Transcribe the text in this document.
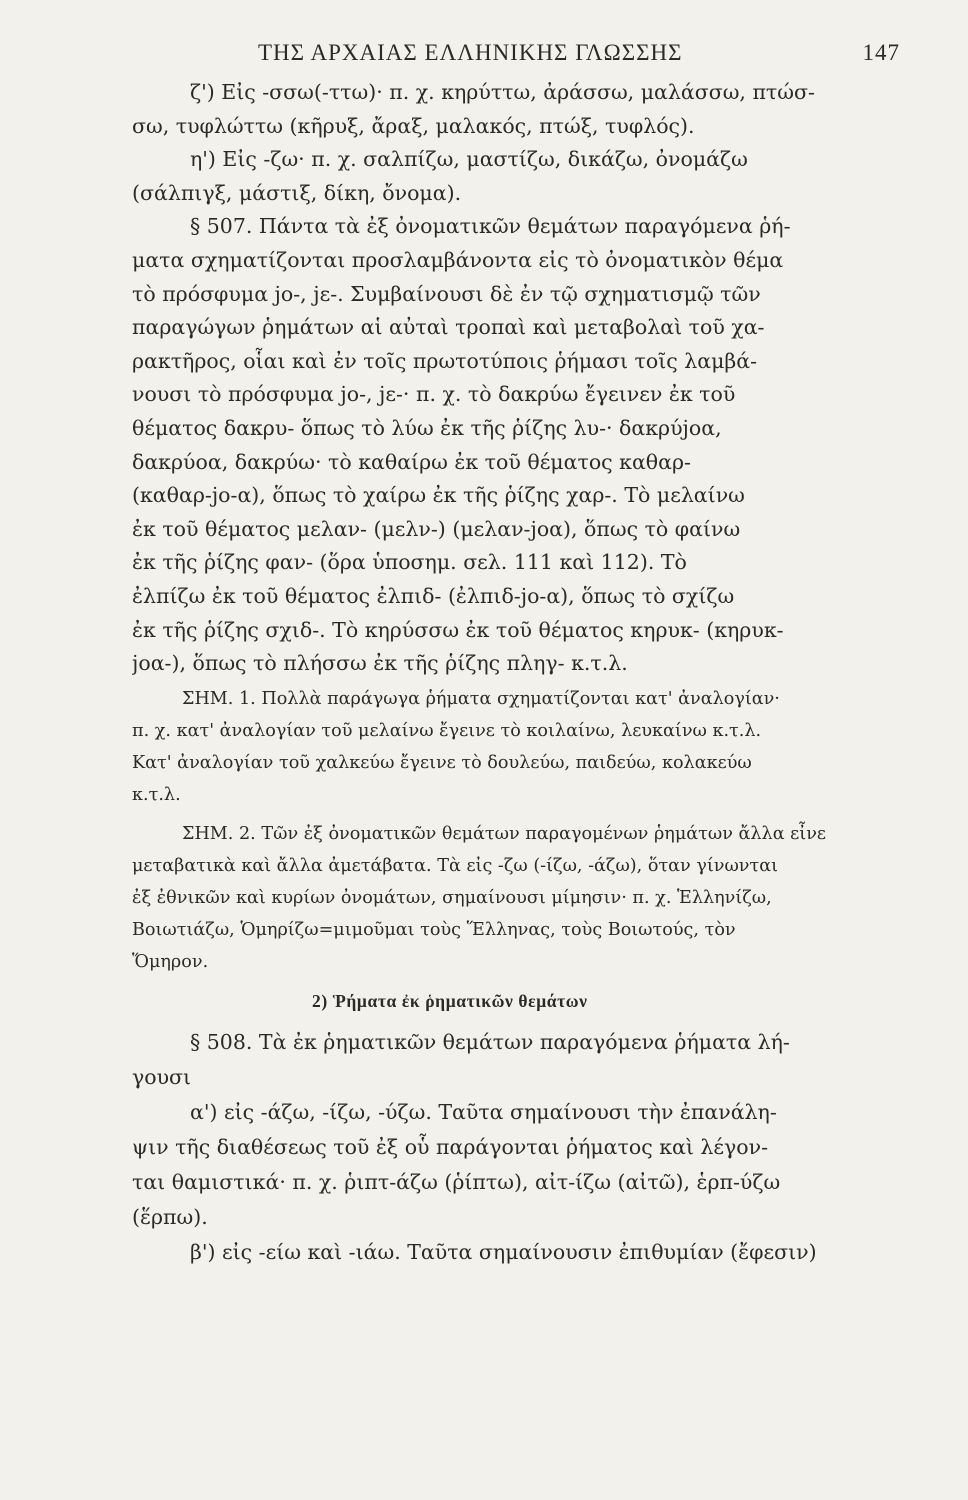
ΤΗΣ ΑΡΧΑΙΑΣ ΕΛΛΗΝΙΚΗΣ ΓΛΩΣΣΗΣ	147
ζ') Εἰς -σσω(-ττω)· π. χ. κηρύττω, ἀράσσω, μαλάσσω, πτώσ-
σω, τυφλώττω (κῆρυξ, ἄραξ, μαλακός, πτώξ, τυφλός).
η') Εἰς -ζω· π. χ. σαλπίζω, μαστίζω, δικάζω, ὀνομάζω
(σάλπιγξ, μάστιξ, δίκη, ὄνομα).
§ 507. Πάντα τὰ ἐξ ὀνοματικῶν θεμάτων παραγόμενα ῥή-
ματα σχηματίζονται προσλαμβάνοντα εἰς τὸ ὀνοματικὸν θέμα
τὸ πρόσφυμα jο-, jε-. Συμβαίνουσι δὲ ἐν τῷ σχηματισμῷ τῶν
παραγώγων ῥημάτων αἱ αὐταὶ τροπαὶ καὶ μεταβολαὶ τοῦ χα-
ρακτῆρος, οἷαι καὶ ἐν τοῖς πρωτοτύποις ῥήμασι τοῖς λαμβά-
νουσι τὸ πρόσφυμα jο-, jε-· π. χ. τὸ δακρύω ἔγεινεν ἐκ τοῦ
θέματος δακρυ- ὅπως τὸ λύω ἐκ τῆς ῥίζης λυ-· δακρύjοα,
δακρύοα, δακρύω· τὸ καθαίρω ἐκ τοῦ θέματος καθαρ-
(καθαρ-jο-α), ὅπως τὸ χαίρω ἐκ τῆς ῥίζης χαρ-. Τὸ μελαίνω
ἐκ τοῦ θέματος μελαν- (μελν-) (μελαν-jοα), ὅπως τὸ φαίνω
ἐκ τῆς ῥίζης φαν- (ὅρα ὑποσημ. σελ. 111 καὶ 112). Τὸ
ἐλπίζω ἐκ τοῦ θέματος ἐλπιδ- (ἐλπιδ-jο-α), ὅπως τὸ σχίζω
ἐκ τῆς ῥίζης σχιδ-. Τὸ κηρύσσω ἐκ τοῦ θέματος κηρυκ- (κηρυκ-
jοα-), ὅπως τὸ πλήσσω ἐκ τῆς ῥίζης πληγ- κ.τ.λ.
ΣΗΜ. 1. Πολλὰ παράγωγα ῥήματα σχηματίζονται κατ' ἀναλογίαν·
π. χ. κατ' ἀναλογίαν τοῦ μελαίνω ἔγεινε τὸ κοιλαίνω, λευκαίνω κ.τ.λ.
Κατ' ἀναλογίαν τοῦ χαλκεύω ἔγεινε τὸ δουλεύω, παιδεύω, κολακεύω
κ.τ.λ.
ΣΗΜ. 2. Τῶν ἐξ ὀνοματικῶν θεμάτων παραγομένων ῥημάτων ἄλλα εἶνε
μεταβατικὰ καὶ ἄλλα ἀμετάβατα. Τὰ εἰς -ζω (-ίζω, -άζω), ὅταν γίνωνται
ἐξ ἐθνικῶν καὶ κυρίων ὀνομάτων, σημαίνουσι μίμησιν· π. χ. Ἑλληνίζω,
Βοιωτιάζω, Ὁμηρίζω=μιμοῦμαι τοὺς Ἕλληνας, τοὺς Βοιωτούς, τὸν
Ὅμηρον.
2) Ῥήματα ἐκ ῥηματικῶν θεμάτων
§ 508. Τὰ ἐκ ῥηματικῶν θεμάτων παραγόμενα ῥήματα λή-
γουσι
α') εἰς -άζω, -ίζω, -ύζω. Ταῦτα σημαίνουσι τὴν ἐπανάλη-
ψιν τῆς διαθέσεως τοῦ ἐξ οὗ παράγονται ῥήματος καὶ λέγον-
ται θαμιστικά· π. χ. ῥιπτ-άζω (ῥίπτω), αἰτ-ίζω (αἰτῶ), ἑρπ-ύζω
(ἕρπω).
β') εἰς -είω καὶ -ιάω. Ταῦτα σημαίνουσιν ἐπιθυμίαν (ἔφεσιν)
